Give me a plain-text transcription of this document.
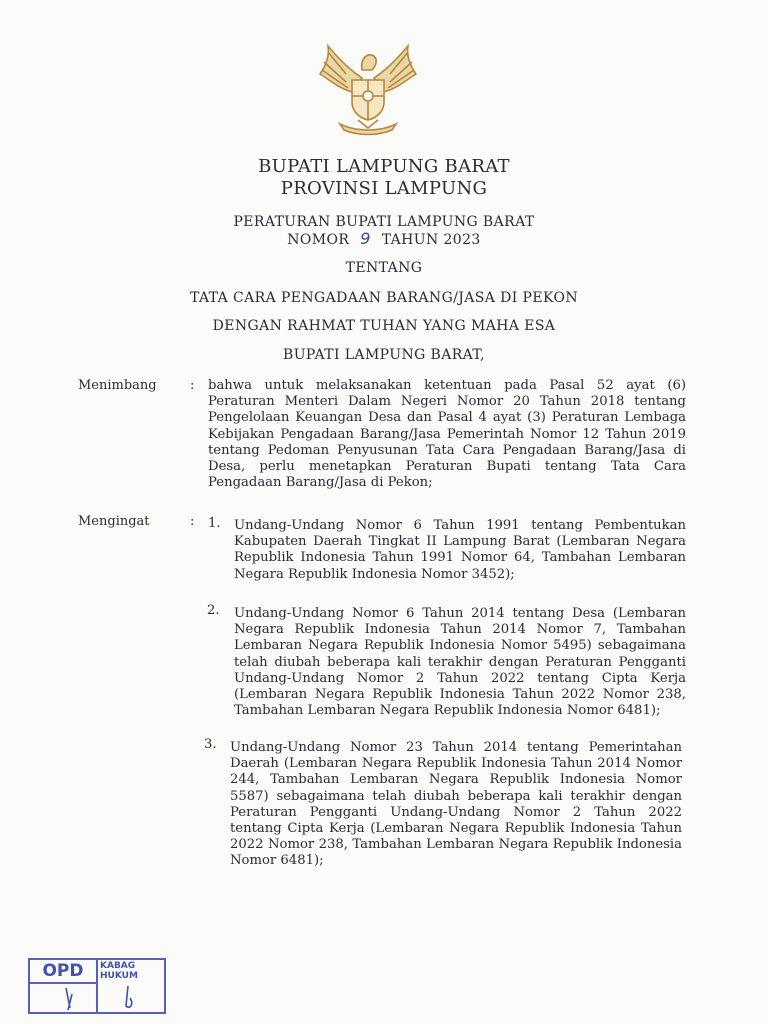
BUPATI LAMPUNG BARAT
PROVINSI LAMPUNG
PERATURAN BUPATI LAMPUNG BARAT
NOMOR 9 TAHUN 2023
TENTANG
TATA CARA PENGADAAN BARANG/JASA DI PEKON
DENGAN RAHMAT TUHAN YANG MAHA ESA
BUPATI LAMPUNG BARAT,
Menimbang	: bahwa untuk melaksanakan ketentuan pada Pasal 52 ayat (6) Peraturan Menteri Dalam Negeri Nomor 20 Tahun 2018 tentang Pengelolaan Keuangan Desa dan Pasal 4 ayat (3) Peraturan Lembaga Kebijakan Pengadaan Barang/Jasa Pemerintah Nomor 12 Tahun 2019 tentang Pedoman Penyusunan Tata Cara Pengadaan Barang/Jasa di Desa, perlu menetapkan Peraturan Bupati tentang Tata Cara Pengadaan Barang/Jasa di Pekon;
Mengingat	: 1. Undang-Undang Nomor 6 Tahun 1991 tentang Pembentukan Kabupaten Daerah Tingkat II Lampung Barat (Lembaran Negara Republik Indonesia Tahun 1991 Nomor 64, Tambahan Lembaran Negara Republik Indonesia Nomor 3452);
2. Undang-Undang Nomor 6 Tahun 2014 tentang Desa (Lembaran Negara Republik Indonesia Tahun 2014 Nomor 7, Tambahan Lembaran Negara Republik Indonesia Nomor 5495) sebagaimana telah diubah beberapa kali terakhir dengan Peraturan Pengganti Undang-Undang Nomor 2 Tahun 2022 tentang Cipta Kerja (Lembaran Negara Republik Indonesia Tahun 2022 Nomor 238, Tambahan Lembaran Negara Republik Indonesia Nomor 6481);
3. Undang-Undang Nomor 23 Tahun 2014 tentang Pemerintahan Daerah (Lembaran Negara Republik Indonesia Tahun 2014 Nomor 244, Tambahan Lembaran Negara Republik Indonesia Nomor 5587) sebagaimana telah diubah beberapa kali terakhir dengan Peraturan Pengganti Undang-Undang Nomor 2 Tahun 2022 tentang Cipta Kerja (Lembaran Negara Republik Indonesia Tahun 2022 Nomor 238, Tambahan Lembaran Negara Republik Indonesia Nomor 6481);
OPD	KABAG
HUKUM
